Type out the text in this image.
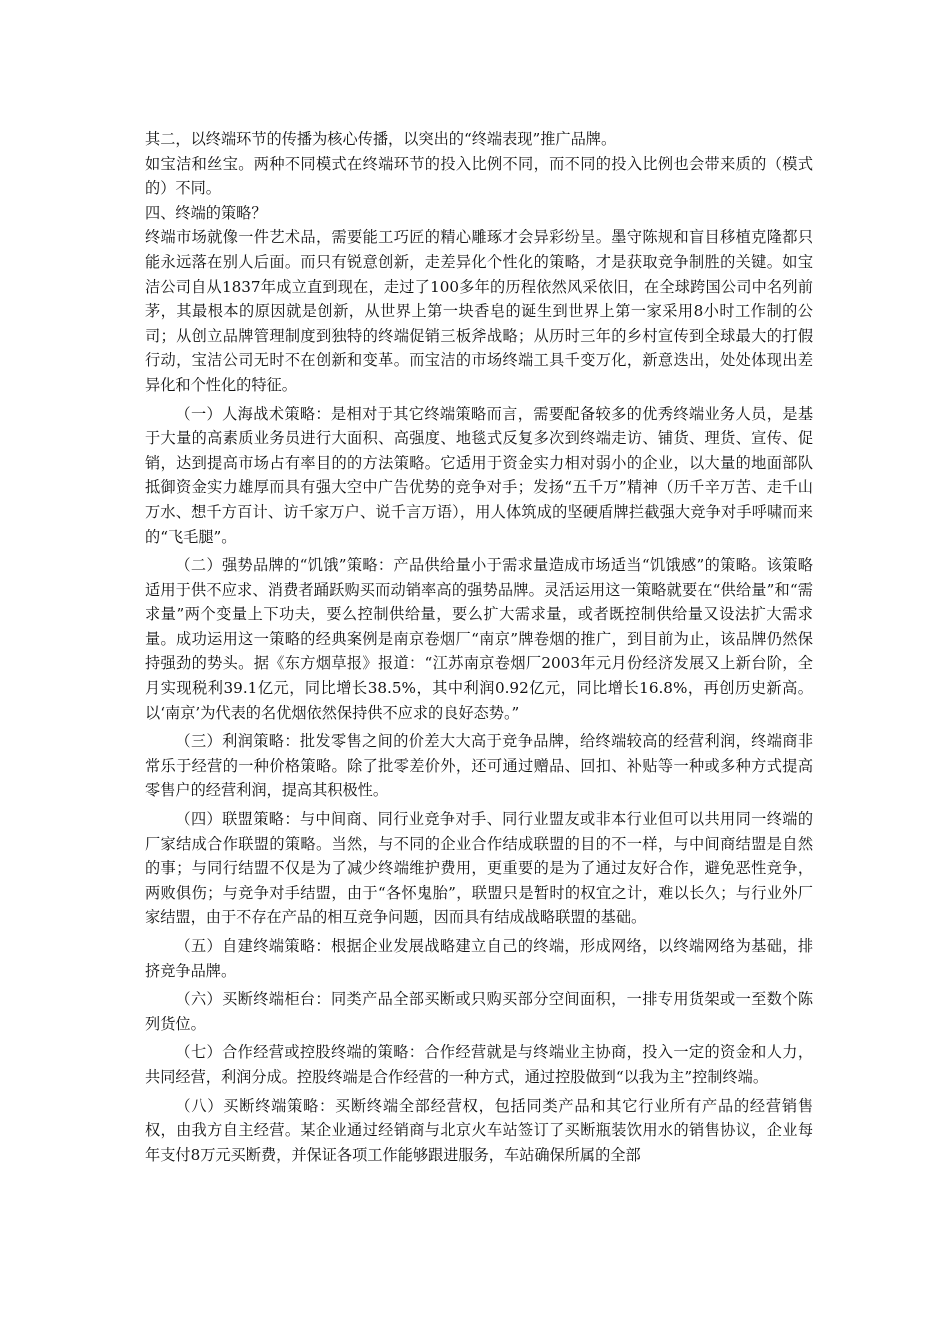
其二，以终端环节的传播为核心传播，以突出的“终端表现”推广品牌。

如宝洁和丝宝。两种不同模式在终端环节的投入比例不同，而不同的投入比例也会带来质的（模式的）不同。

四、终端的策略？

终端市场就像一件艺术品，需要能工巧匠的精心雕琢才会异彩纷呈。墨守陈规和盲目移植克隆都只能永远落在别人后面。而只有锐意创新，走差异化个性化的策略，才是获取竞争制胜的关键。如宝洁公司自从1837年成立直到现在，走过了100多年的历程依然风采依旧，在全球跨国公司中名列前茅，其最根本的原因就是创新，从世界上第一块香皂的诞生到世界上第一家采用8小时工作制的公司；从创立品牌管理制度到独特的终端促销三板斧战略；从历时三年的乡村宣传到全球最大的打假行动，宝洁公司无时不在创新和变革。而宝洁的市场终端工具千变万化，新意迭出，处处体现出差异化和个性化的特征。

（一）人海战术策略：是相对于其它终端策略而言，需要配备较多的优秀终端业务人员，是基于大量的高素质业务员进行大面积、高强度、地毯式反复多次到终端走访、铺货、理货、宣传、促销，达到提高市场占有率目的的方法策略。它适用于资金实力相对弱小的企业，以大量的地面部队抵御资金实力雄厚而具有强大空中广告优势的竞争对手；发扬“五千万”精神（历千辛万苦、走千山万水、想千方百计、访千家万户、说千言万语），用人体筑成的坚硬盾牌拦截强大竞争对手呼啸而来的“飞毛腿”。

（二）强势品牌的“饥饿”策略：产品供给量小于需求量造成市场适当“饥饿感”的策略。该策略适用于供不应求、消费者踊跃购买而动销率高的强势品牌。灵活运用这一策略就要在“供给量”和“需求量”两个变量上下功夫，要么控制供给量，要么扩大需求量，或者既控制供给量又设法扩大需求量。成功运用这一策略的经典案例是南京卷烟厂“南京”牌卷烟的推广，到目前为止，该品牌仍然保持强劲的势头。据《东方烟草报》报道：“江苏南京卷烟厂2003年元月份经济发展又上新台阶，全月实现税利39.1亿元，同比增长38.5%，其中利润0.92亿元，同比增长16.8%，再创历史新高。以‘南京’为代表的名优烟依然保持供不应求的良好态势。”

（三）利润策略：批发零售之间的价差大大高于竞争品牌，给终端较高的经营利润，终端商非常乐于经营的一种价格策略。除了批零差价外，还可通过赠品、回扣、补贴等一种或多种方式提高零售户的经营利润，提高其积极性。

（四）联盟策略：与中间商、同行业竞争对手、同行业盟友或非本行业但可以共用同一终端的厂家结成合作联盟的策略。当然，与不同的企业合作结成联盟的目的不一样，与中间商结盟是自然的事；与同行结盟不仅是为了减少终端维护费用，更重要的是为了通过友好合作，避免恶性竞争，两败俱伤；与竞争对手结盟，由于“各怀鬼胎”，联盟只是暂时的权宜之计，难以长久；与行业外厂家结盟，由于不存在产品的相互竞争问题，因而具有结成战略联盟的基础。

（五）自建终端策略：根据企业发展战略建立自己的终端，形成网络，以终端网络为基础，排挤竞争品牌。

（六）买断终端柜台：同类产品全部买断或只购买部分空间面积，一排专用货架或一至数个陈列货位。

（七）合作经营或控股终端的策略：合作经营就是与终端业主协商，投入一定的资金和人力，共同经营，利润分成。控股终端是合作经营的一种方式，通过控股做到“以我为主”控制终端。

（八）买断终端策略：买断终端全部经营权，包括同类产品和其它行业所有产品的经营销售权，由我方自主经营。某企业通过经销商与北京火车站签订了买断瓶装饮用水的销售协议，企业每年支付8万元买断费，并保证各项工作能够跟进服务，车站确保所属的全部
